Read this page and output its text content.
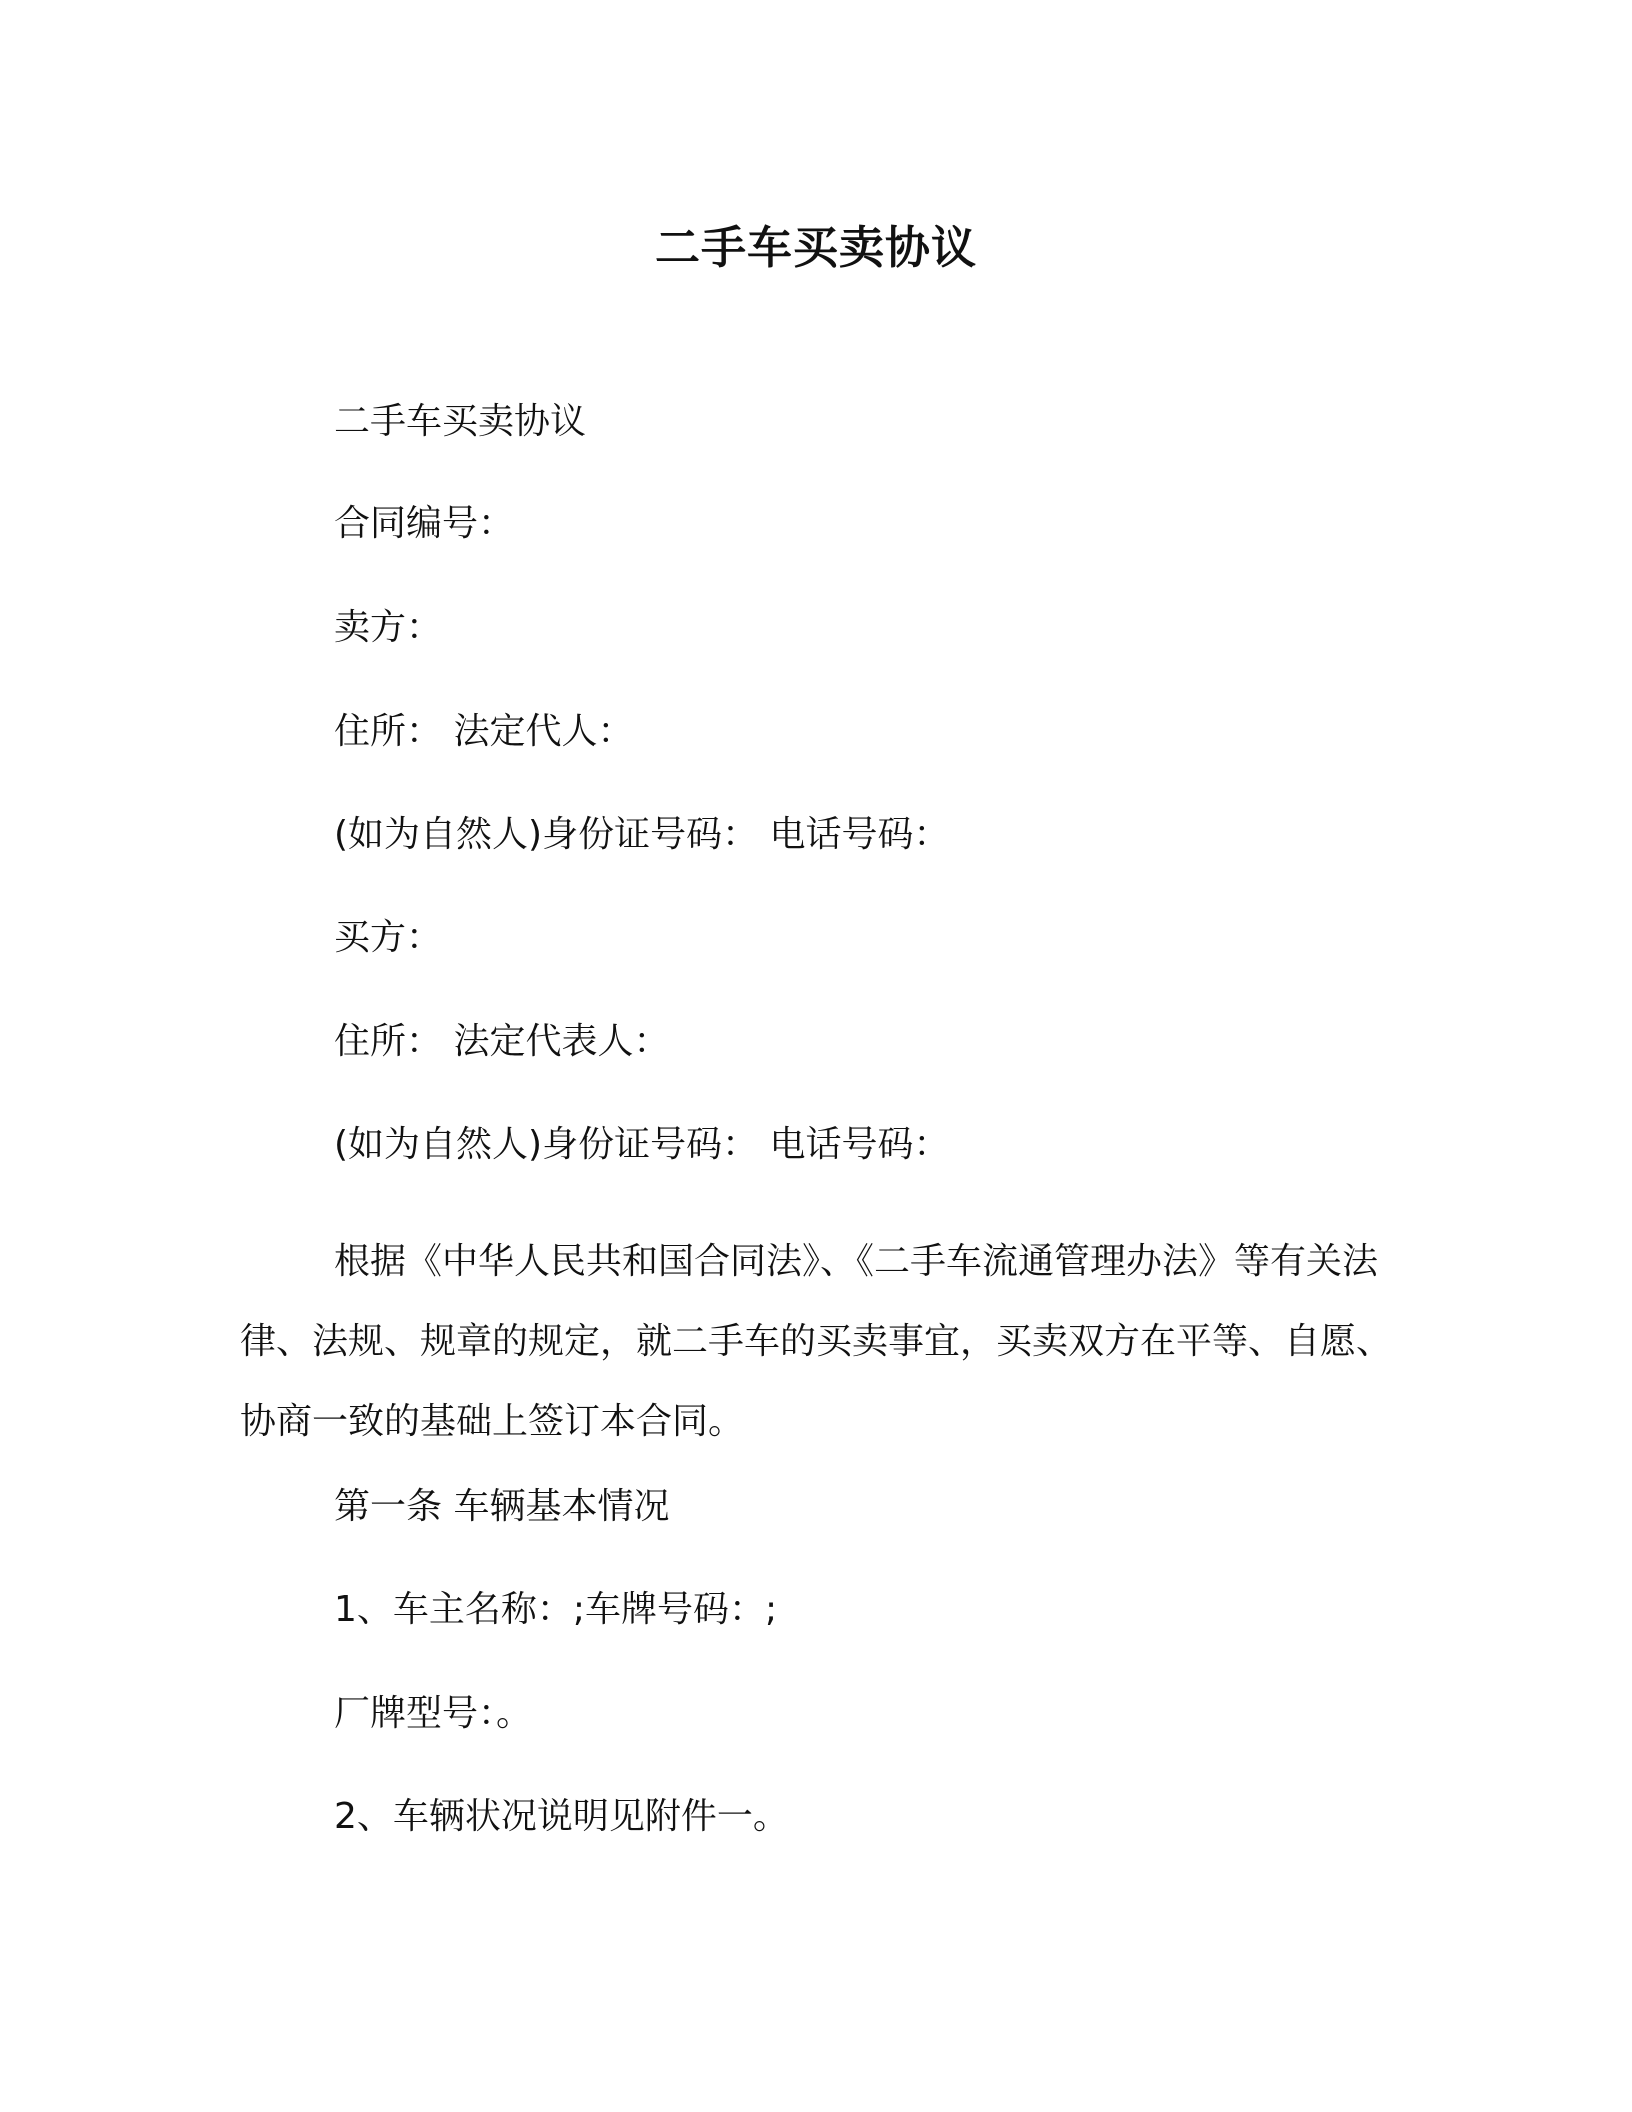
二手车买卖协议
二手车买卖协议
合同编号：
卖方：
住所： 法定代人：
(如为自然人)身份证号码： 电话号码：
买方：
住所： 法定代表人：
(如为自然人)身份证号码： 电话号码：

根据《中华人民共和国合同法》、《二手车流通管理办法》等有关法律、法规、规章的规定，就二手车的买卖事宜，买卖双方在平等、自愿、协商一致的基础上签订本合同。

第一条 车辆基本情况
1、车主名称：;车牌号码：;
厂牌型号：。
2、车辆状况说明见附件一。
